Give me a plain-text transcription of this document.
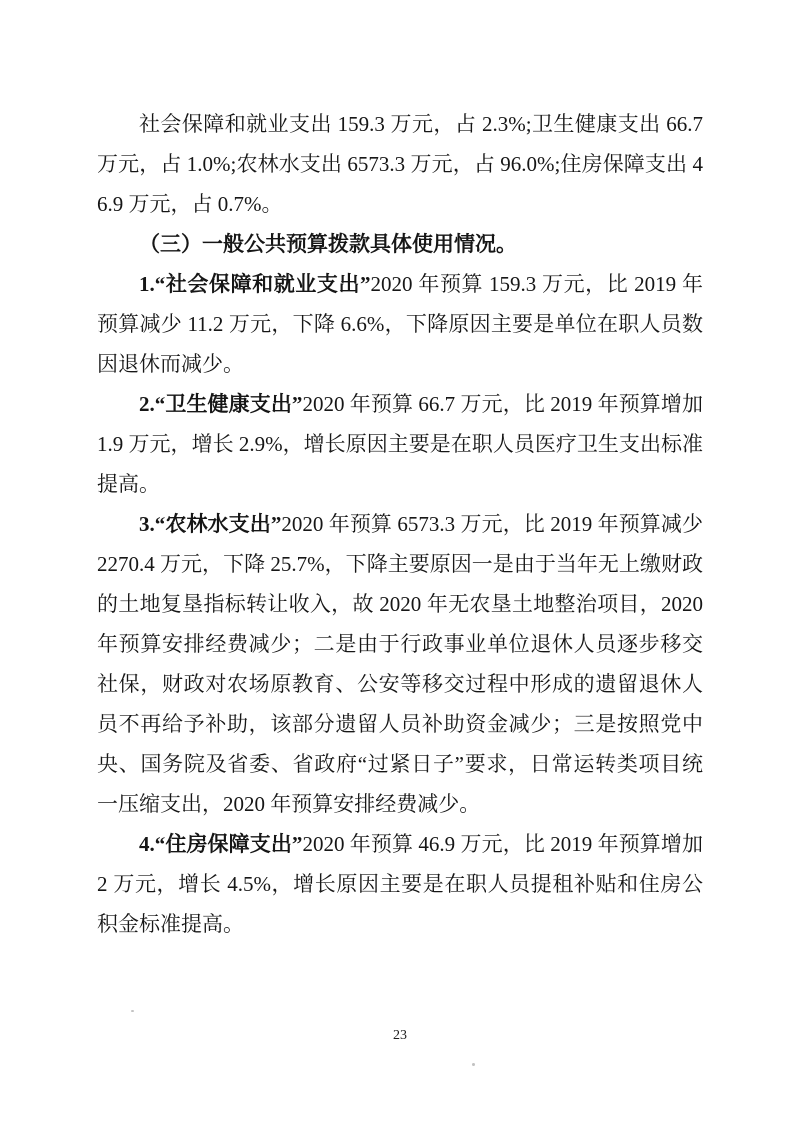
社会保障和就业支出 159.3 万元，占 2.3%;卫生健康支出 66.7 万元，占 1.0%;农林水支出 6573.3 万元，占 96.0%;住房保障支出 46.9 万元，占 0.7%。

（三）一般公共预算拨款具体使用情况。

1.“社会保障和就业支出”2020 年预算 159.3 万元，比 2019 年预算减少 11.2 万元，下降 6.6%，下降原因主要是单位在职人员数因退休而减少。

2.“卫生健康支出”2020 年预算 66.7 万元，比 2019 年预算增加 1.9 万元，增长 2.9%，增长原因主要是在职人员医疗卫生支出标准提高。

3.“农林水支出”2020 年预算 6573.3 万元，比 2019 年预算减少 2270.4 万元，下降 25.7%，下降主要原因一是由于当年无上缴财政的土地复垦指标转让收入，故 2020 年无农垦土地整治项目，2020 年预算安排经费减少；二是由于行政事业单位退休人员逐步移交社保，财政对农场原教育、公安等移交过程中形成的遗留退休人员不再给予补助，该部分遗留人员补助资金减少；三是按照党中央、国务院及省委、省政府“过紧日子”要求，日常运转类项目统一压缩支出，2020 年预算安排经费减少。

4.“住房保障支出”2020 年预算 46.9 万元，比 2019 年预算增加 2 万元，增长 4.5%，增长原因主要是在职人员提租补贴和住房公积金标准提高。

23
